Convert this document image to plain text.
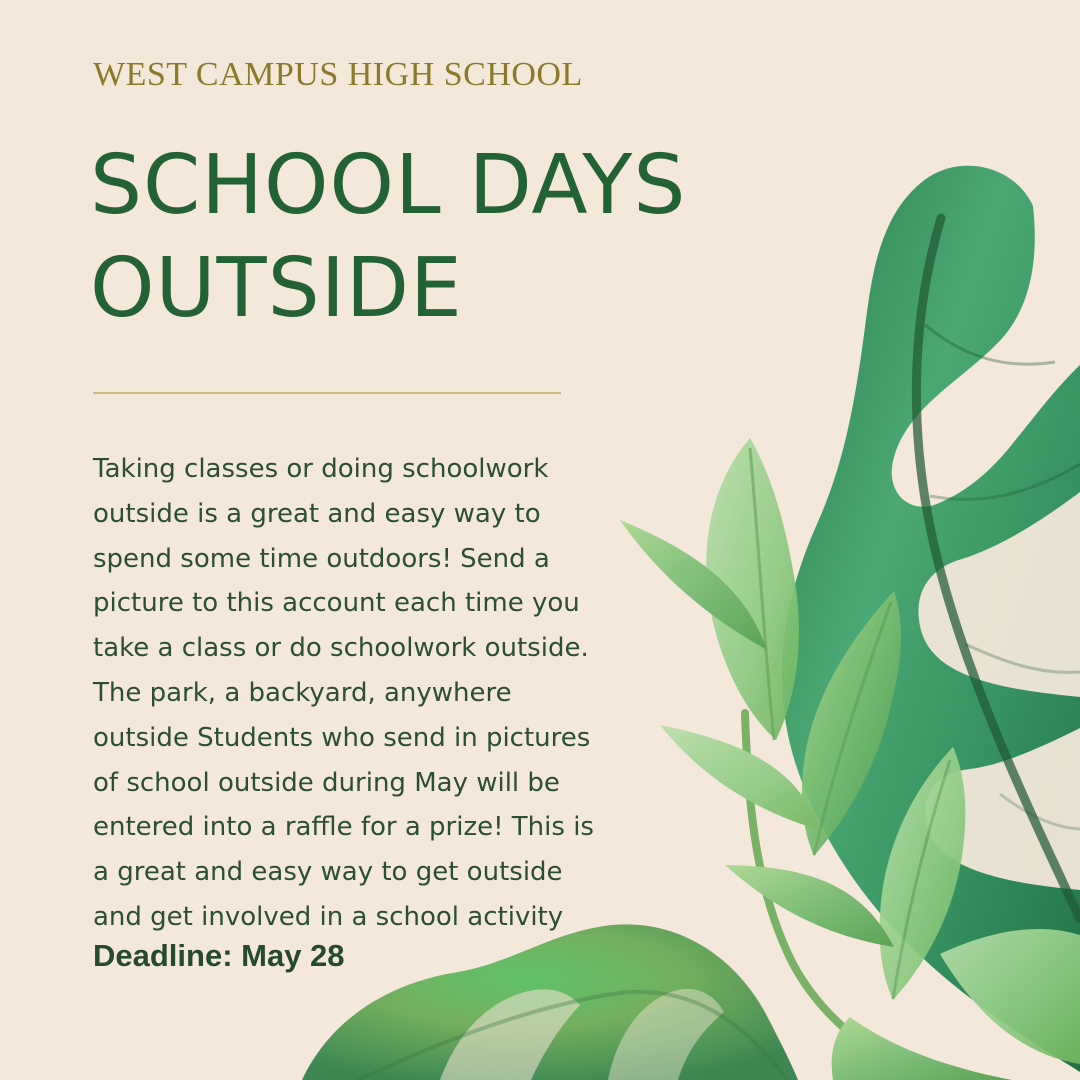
WEST CAMPUS HIGH SCHOOL
SCHOOL DAYS
OUTSIDE

Taking classes or doing schoolwork
outside is a great and easy way to
spend some time outdoors! Send a
picture to this account each time you
take a class or do schoolwork outside.
The park, a backyard, anywhere
outside Students who send in pictures
of school outside during May will be
entered into a raffle for a prize! This is
a great and easy way to get outside
and get involved in a school activity

Deadline: May 28
